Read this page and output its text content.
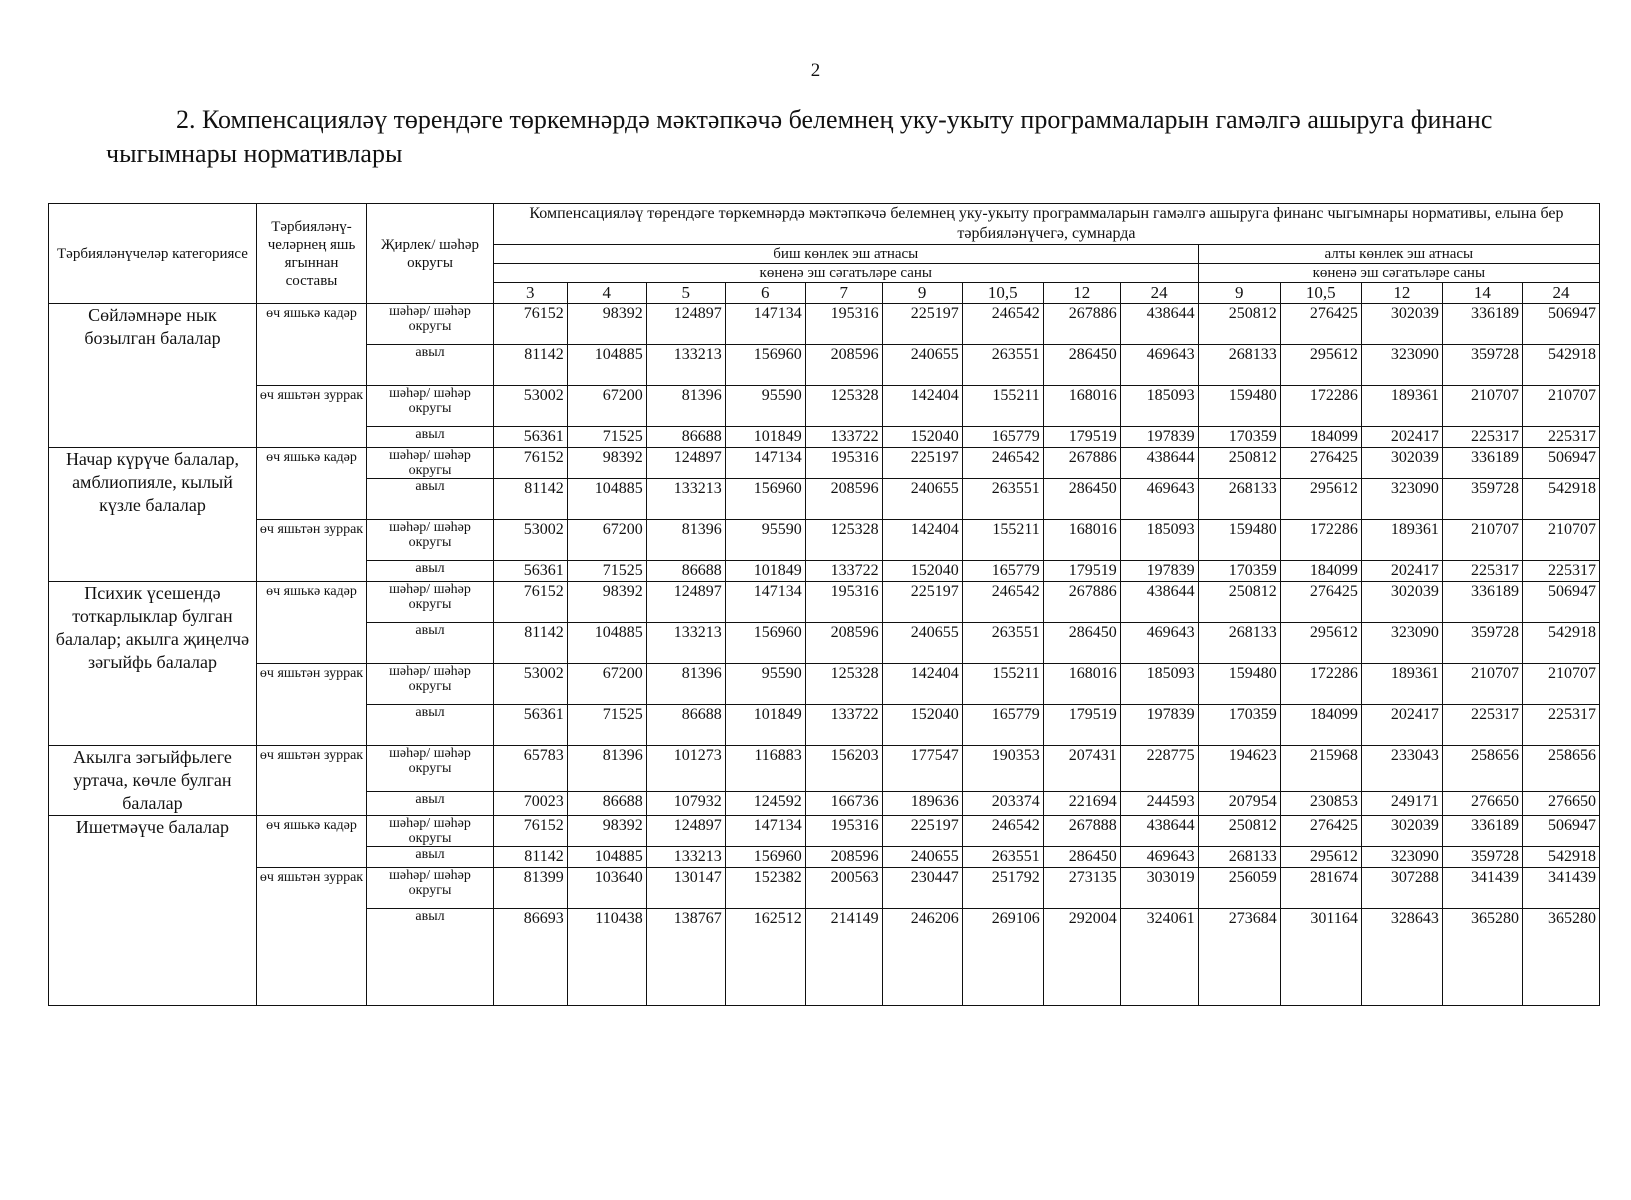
2
2. Компенсацияләү төрендәге төркемнәрдә мәктәпкәчә белемнең уку-укыту программаларын гамәлгә ашыруга финанс чыгымнары нормативлары
Тәрбияләнүчеләр категориясе	Тәрбияләнү-челәрнең яшь ягыннан составы	Җирлек/ шәһәр округы	Компенсацияләү төрендәге төркемнәрдә мәктәпкәчә белемнең уку-укыту программаларын гамәлгә ашыруга финанс чыгымнары нормативы, елына бер тәрбияләнүчегә, сумнарда													
			биш көнлек эш атнасы									алты көнлек эш атнасы				
			көненә эш сәгатьләре саны									көненә эш сәгатьләре саны				
			3	4	5	6	7	9	10,5	12	24	9	10,5	12	14	24
Сөйләмнәре нык бозылган балалар	өч яшькә кадәр	шәһәр/ шәһәр округы	76152	98392	124897	147134	195316	225197	246542	267886	438644	250812	276425	302039	336189	506947
		авыл	81142	104885	133213	156960	208596	240655	263551	286450	469643	268133	295612	323090	359728	542918
	өч яшьтән зуррак	шәһәр/ шәһәр округы	53002	67200	81396	95590	125328	142404	155211	168016	185093	159480	172286	189361	210707	210707
		авыл	56361	71525	86688	101849	133722	152040	165779	179519	197839	170359	184099	202417	225317	225317
Начар күрүче балалар, амблиопияле, кылый күзле балалар	өч яшькә кадәр	шәһәр/ шәһәр округы	76152	98392	124897	147134	195316	225197	246542	267886	438644	250812	276425	302039	336189	506947
		авыл	81142	104885	133213	156960	208596	240655	263551	286450	469643	268133	295612	323090	359728	542918
	өч яшьтән зуррак	шәһәр/ шәһәр округы	53002	67200	81396	95590	125328	142404	155211	168016	185093	159480	172286	189361	210707	210707
		авыл	56361	71525	86688	101849	133722	152040	165779	179519	197839	170359	184099	202417	225317	225317
Психик үсешендә тоткарлыклар булган балалар; акылга җиңелчә зәгыйфь балалар	өч яшькә кадәр	шәһәр/ шәһәр округы	76152	98392	124897	147134	195316	225197	246542	267886	438644	250812	276425	302039	336189	506947
		авыл	81142	104885	133213	156960	208596	240655	263551	286450	469643	268133	295612	323090	359728	542918
	өч яшьтән зуррак	шәһәр/ шәһәр округы	53002	67200	81396	95590	125328	142404	155211	168016	185093	159480	172286	189361	210707	210707
		авыл	56361	71525	86688	101849	133722	152040	165779	179519	197839	170359	184099	202417	225317	225317
Акылга зәгыйфьлеге уртача, көчле булган балалар	өч яшьтән зуррак	шәһәр/ шәһәр округы	65783	81396	101273	116883	156203	177547	190353	207431	228775	194623	215968	233043	258656	258656
		авыл	70023	86688	107932	124592	166736	189636	203374	221694	244593	207954	230853	249171	276650	276650
Ишетмәүче балалар	өч яшькә кадәр	шәһәр/ шәһәр округы	76152	98392	124897	147134	195316	225197	246542	267888	438644	250812	276425	302039	336189	506947
		авыл	81142	104885	133213	156960	208596	240655	263551	286450	469643	268133	295612	323090	359728	542918
	өч яшьтән зуррак	шәһәр/ шәһәр округы	81399	103640	130147	152382	200563	230447	251792	273135	303019	256059	281674	307288	341439	341439
		авыл	86693	110438	138767	162512	214149	246206	269106	292004	324061	273684	301164	328643	365280	365280
